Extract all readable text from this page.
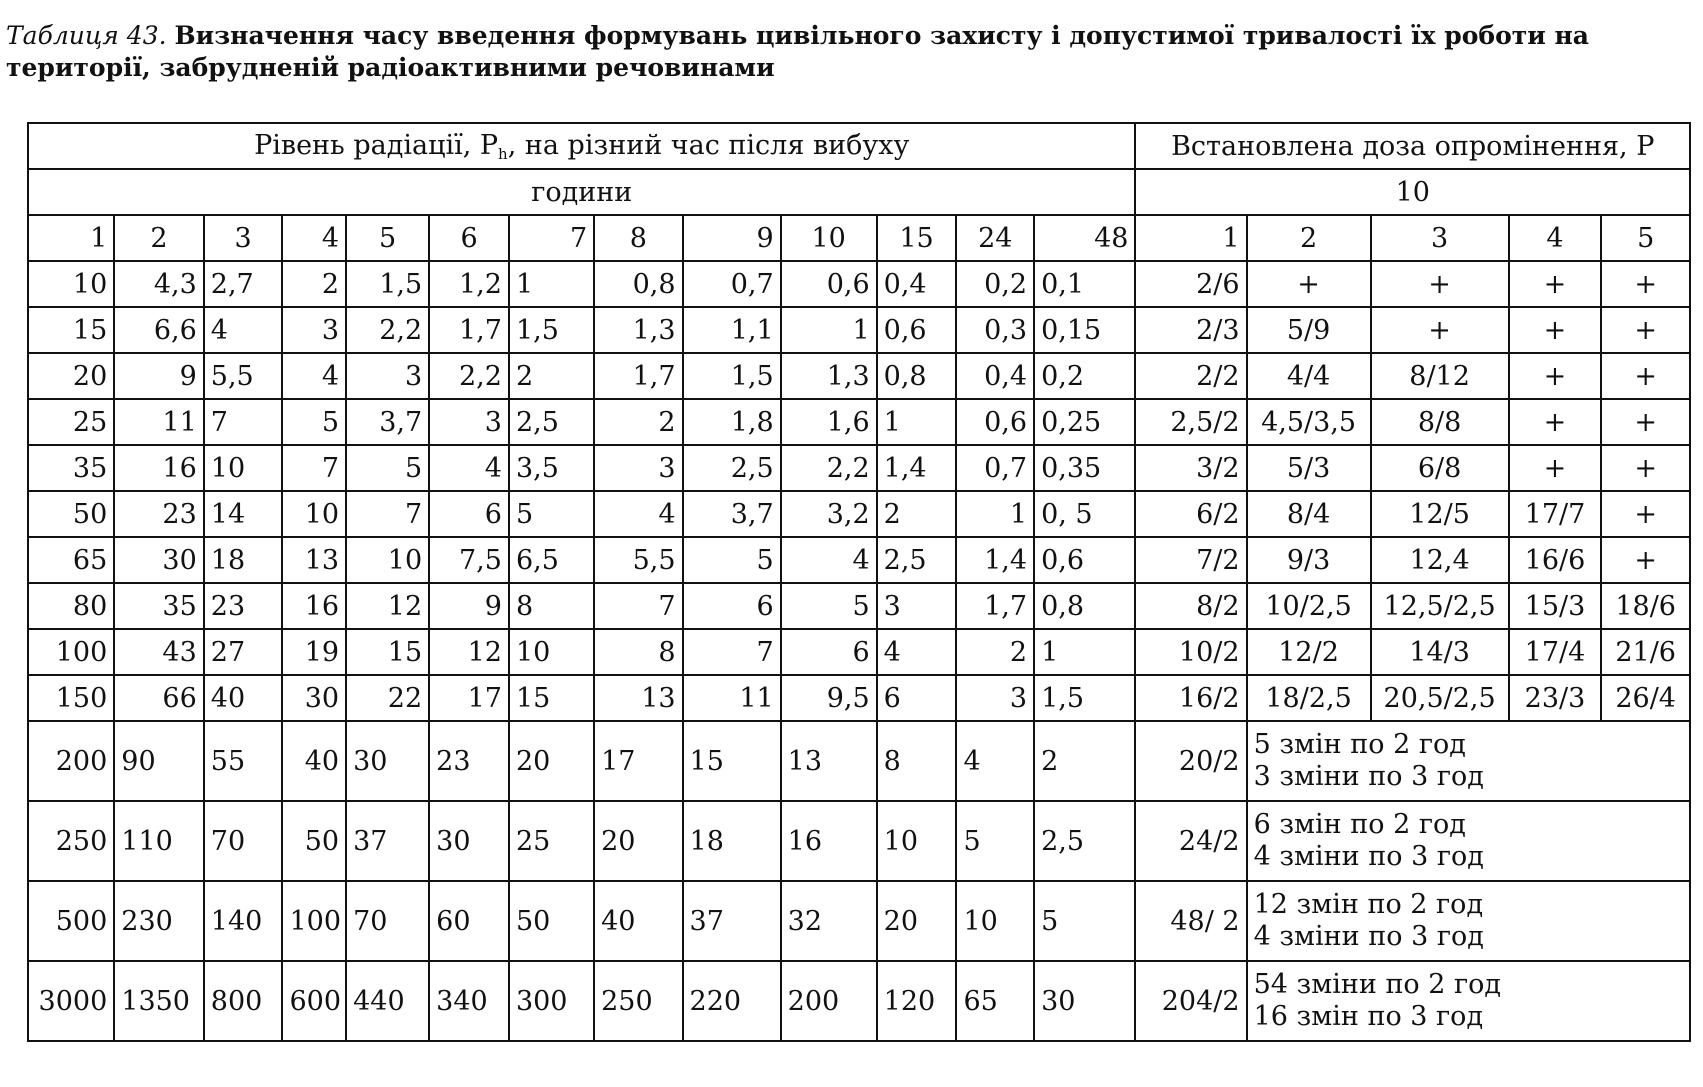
Таблиця 43. Визначення часу введення формувань цивільного захисту і допустимої тривалості їх роботи на території, забрудненій радіоактивними речовинами
Рівень радіації, $P_h$, на різний час після вибуху													Встановлена доза опромінення, Р				
години													10				
1	2	3	4	5	6	7	8	9	10	15	24	48	1	2	3	4	5
10	4,3	2,7	2	1,5	1,2	1	0,8	0,7	0,6	0,4	0,2	0,1	2/6	+	+	+	+
15	6,6	4	3	2,2	1,7	1,5	1,3	1,1	1	0,6	0,3	0,15	2/3	5/9	+	+	+
20	9	5,5	4	3	2,2	2	1,7	1,5	1,3	0,8	0,4	0,2	2/2	4/4	8/12	+	+
25	11	7	5	3,7	3	2,5	2	1,8	1,6	1	0,6	0,25	2,5/2	4,5/3,5	8/8	+	+
35	16	10	7	5	4	3,5	3	2,5	2,2	1,4	0,7	0,35	3/2	5/3	6/8	+	+
50	23	14	10	7	6	5	4	3,7	3,2	2	1	0, 5	6/2	8/4	12/5	17/7	+
65	30	18	13	10	7,5	6,5	5,5	5	4	2,5	1,4	0,6	7/2	9/3	12,4	16/6	+
80	35	23	16	12	9	8	7	6	5	3	1,7	0,8	8/2	10/2,5	12,5/2,5	15/3	18/6
100	43	27	19	15	12	10	8	7	6	4	2	1	10/2	12/2	14/3	17/4	21/6
150	66	40	30	22	17	15	13	11	9,5	6	3	1,5	16/2	18/2,5	20,5/2,5	23/3	26/4
200	90	55	40	30	23	20	17	15	13	8	4	2	20/2	5 змін по 2 год
3 зміни по 3 год			

250	110	70	50	37	30	25	20	18	16	10	5	2,5	24/2	6 змін по 2 год
4 зміни по 3 год			

500	230	140	100	70	60	50	40	37	32	20	10	5	48/ 2	12 змін по 2 год
4 зміни по 3 год			

3000	1350	800	600	440	340	300	250	220	200	120	65	30	204/2	54 зміни по 2 год
16 змін по 3 год			
